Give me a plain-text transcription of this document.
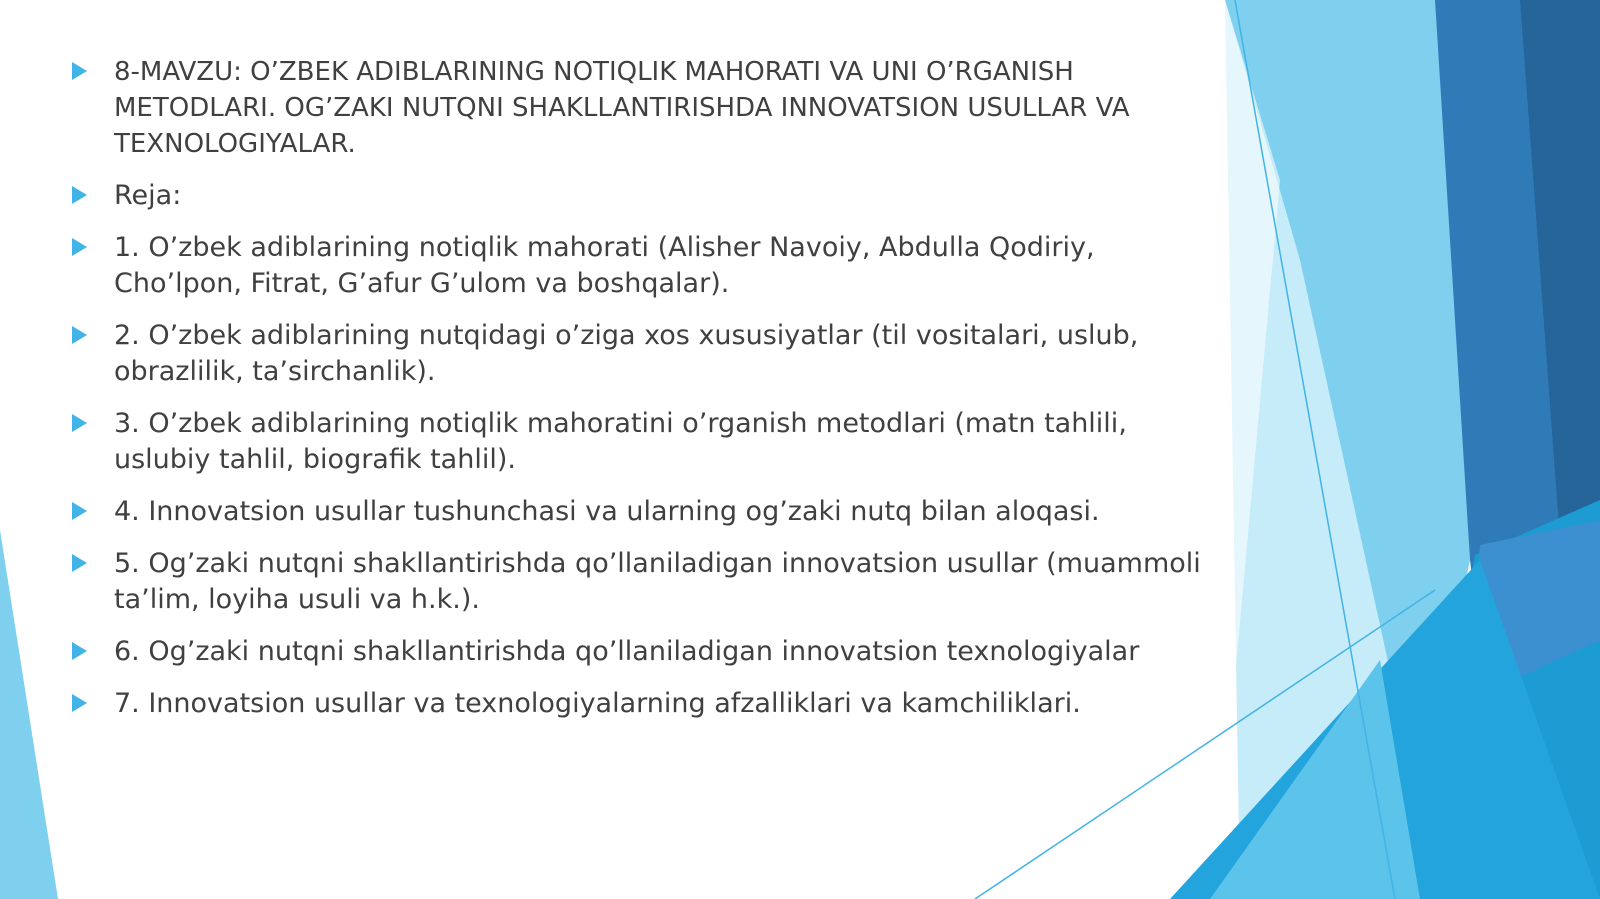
8-MAVZU: O’ZBEK ADIBLARINING NOTIQLIK MAHORATI VA UNI O’RGANISH METODLARI. OG’ZAKI NUTQNI SHAKLLANTIRISHDA INNOVATSION USULLAR VA TEXNOLOGIYALAR.
Reja:
1. O’zbek adiblarining notiqlik mahorati (Alisher Navoiy, Abdulla Qodiriy, Cho’lpon, Fitrat, G’afur G’ulom va boshqalar).
2. O’zbek adiblarining nutqidagi o’ziga xos xususiyatlar (til vositalari, uslub, obrazlilik, ta’sirchanlik).
3. O’zbek adiblarining notiqlik mahoratini o’rganish metodlari (matn tahlili, uslubiy tahlil, biografik tahlil).
4. Innovatsion usullar tushunchasi va ularning og’zaki nutq bilan aloqasi.
5. Og’zaki nutqni shakllantirishda qo’llaniladigan innovatsion usullar (muammoli ta’lim, loyiha usuli va h.k.).
6. Og’zaki nutqni shakllantirishda qo’llaniladigan innovatsion texnologiyalar
7. Innovatsion usullar va texnologiyalarning afzalliklari va kamchiliklari.
